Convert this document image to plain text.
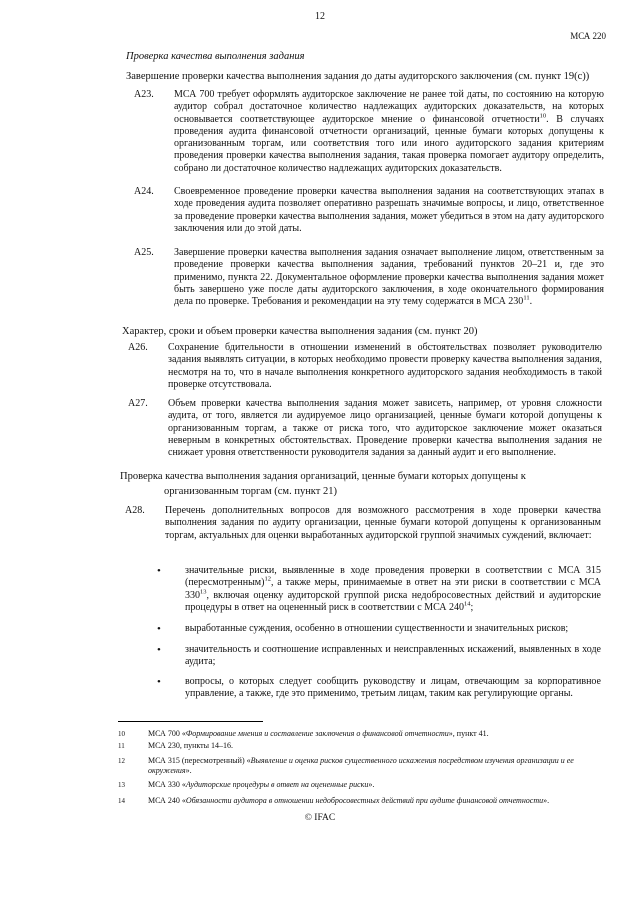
12
МСА 220
Проверка качества выполнения задания
Завершение проверки качества выполнения задания до даты аудиторского заключения (см. пункт 19(с))
A23. МСА 700 требует оформлять аудиторское заключение не ранее той даты, по состоянию на которую аудитор собрал достаточное количество надлежащих аудиторских доказательств, на которых основывается соответствующее аудиторское мнение о финансовой отчетности$^{10}$. В случаях проведения аудита финансовой отчетности организаций, ценные бумаги которых допущены к организованным торгам, или соответствия того или иного аудиторского задания критериям проведения проверки качества выполнения задания, такая проверка помогает аудитору определить, собрано ли достаточное количество надлежащих аудиторских доказательств.
A24. Своевременное проведение проверки качества выполнения задания на соответствующих этапах в ходе проведения аудита позволяет оперативно разрешать значимые вопросы, и лицо, ответственное за проведение проверки качества выполнения задания, может убедиться в этом на дату аудиторского заключения или до этой даты.
A25. Завершение проверки качества выполнения задания означает выполнение лицом, ответственным за проведение проверки качества выполнения задания, требований пунктов 20–21 и, где это применимо, пункта 22. Документальное оформление проверки качества выполнения задания может быть завершено уже после даты аудиторского заключения, в ходе окончательного формирования дела по проверке. Требования и рекомендации на эту тему содержатся в МСА $230^{11}$.
Характер, сроки и объем проверки качества выполнения задания (см. пункт 20)
A26. Сохранение бдительности в отношении изменений в обстоятельствах позволяет руководителю задания выявлять ситуации, в которых необходимо провести проверку качества выполнения задания, несмотря на то, что в начале выполнения конкретного аудиторского задания необходимость в такой проверке отсутствовала.
A27. Объем проверки качества выполнения задания может зависеть, например, от уровня сложности аудита, от того, является ли аудируемое лицо организацией, ценные бумаги которой допущены к организованным торгам, а также от риска того, что аудиторское заключение может оказаться неверным в конкретных обстоятельствах. Проведение проверки качества выполнения задания не снижает уровня ответственности руководителя задания за данный аудит и его выполнение.
Проверка качества выполнения задания организаций, ценные бумаги которых допущены к
организованным торгам (см. пункт 21)
A28. Перечень дополнительных вопросов для возможного рассмотрения в ходе проверки качества выполнения задания по аудиту организации, ценные бумаги которой допущены к организованным торгам, актуальных для оценки выработанных аудиторской группой значимых суждений, включает:
• значительные риски, выявленные в ходе проведения проверки в соответствии с МСА 315 (пересмотренным)$^{12}$, а также меры, принимаемые в ответ на эти риски в соответствии с МСА $330^{13}$, включая оценку аудиторской группой риска недобросовестных действий и аудиторские процедуры в ответ на оцененный риск в соответствии с МСА $240^{14}$;
• выработанные суждения, особенно в отношении существенности и значительных рисков;
• значительность и соотношение исправленных и неисправленных искажений, выявленных в ходе аудита;
• вопросы, о которых следует сообщить руководству и лицам, отвечающим за корпоративное управление, а также, где это применимо, третьим лицам, таким как регулирующие органы.
10	МСА 700 «Формирование мнения и составление заключения о финансовой отчетности», пункт 41.
11	МСА 230, пункты 14–16.
12	МСА 315 (пересмотренный) «Выявление и оценка рисков существенного искажения посредством изучения организации и ее окружения».
13	МСА 330 «Аудиторские процедуры в ответ на оцененные риски».
14	МСА 240 «Обязанности аудитора в отношении недобросовестных действий при аудите финансовой отчетности».
© IFAC
